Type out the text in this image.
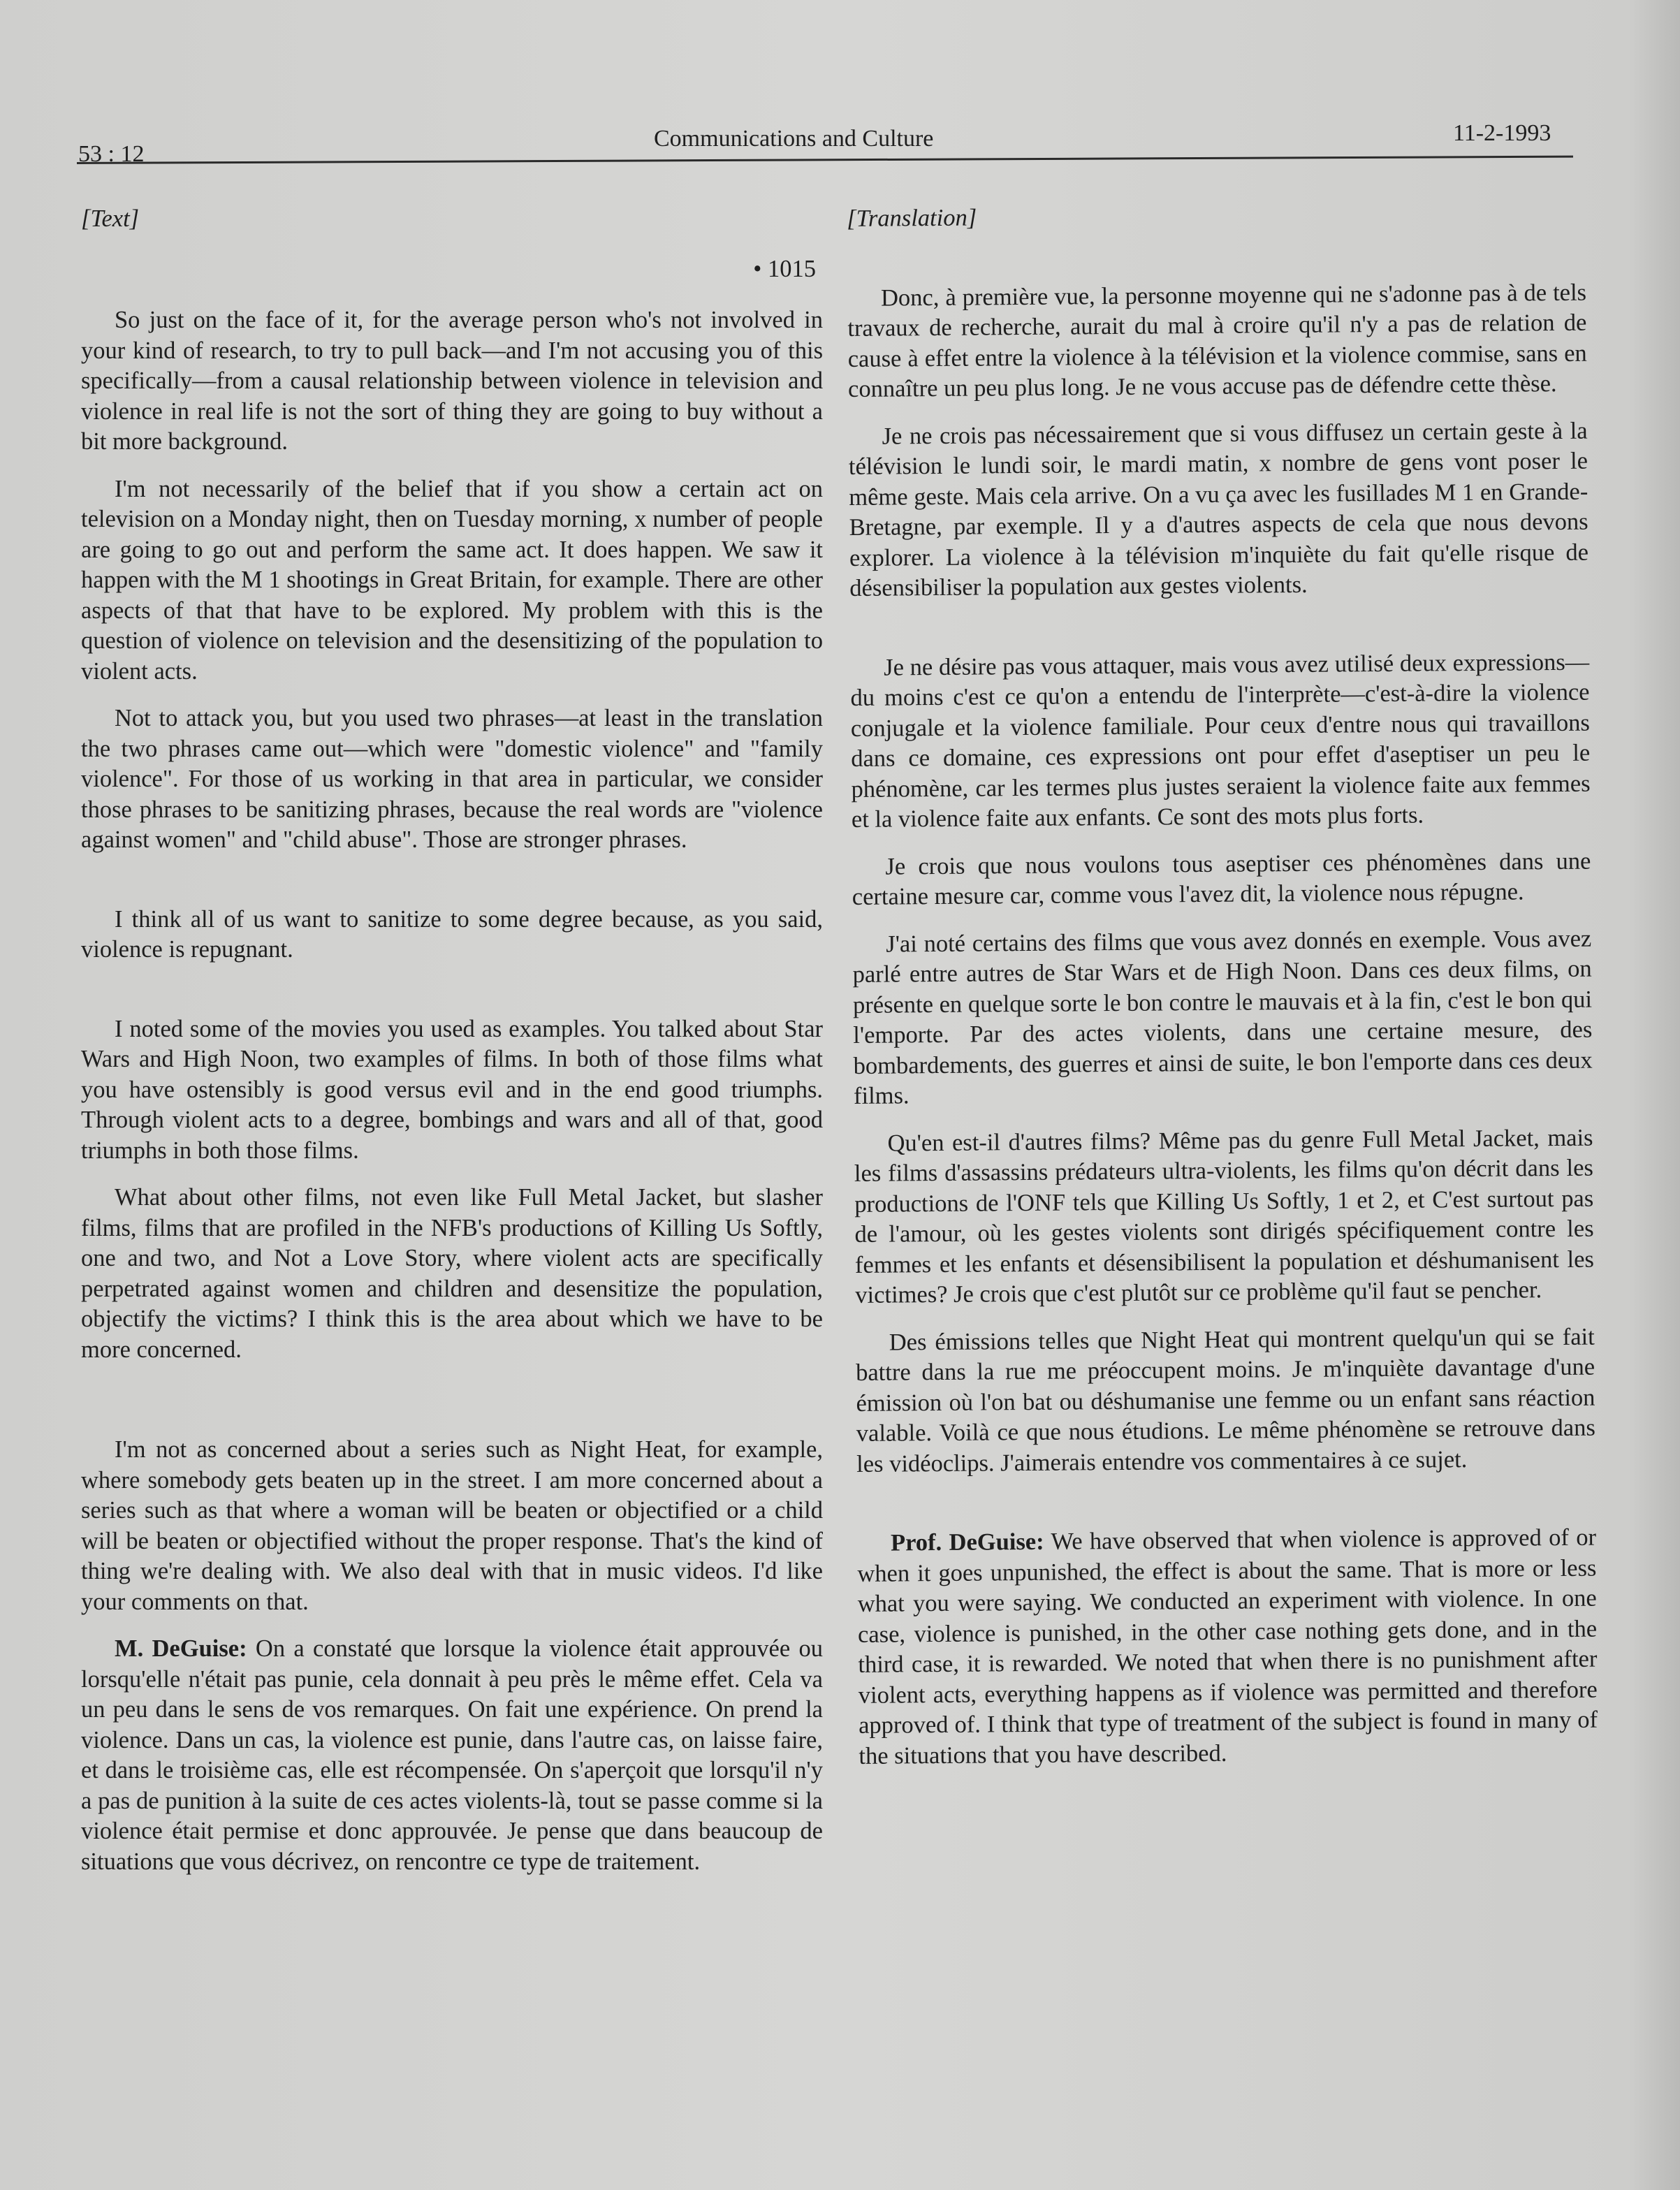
53 : 12
Communications and Culture	11-2-1993
[Text]
• 1015

So just on the face of it, for the average person who's not involved in your kind of research, to try to pull back—and I'm not accusing you of this specifically—from a causal relationship between violence in television and violence in real life is not the sort of thing they are going to buy without a bit more background.

I'm not necessarily of the belief that if you show a certain act on television on a Monday night, then on Tuesday morning, x number of people are going to go out and perform the same act. It does happen. We saw it happen with the M 1 shootings in Great Britain, for example. There are other aspects of that that have to be explored. My problem with this is the question of violence on television and the desensitizing of the population to violent acts.

Not to attack you, but you used two phrases—at least in the translation the two phrases came out—which were "domestic violence" and "family violence". For those of us working in that area in particular, we consider those phrases to be sanitizing phrases, because the real words are "violence against women" and "child abuse". Those are stronger phrases.

I think all of us want to sanitize to some degree because, as you said, violence is repugnant.

I noted some of the movies you used as examples. You talked about Star Wars and High Noon, two examples of films. In both of those films what you have ostensibly is good versus evil and in the end good triumphs. Through violent acts to a degree, bombings and wars and all of that, good triumphs in both those films.

What about other films, not even like Full Metal Jacket, but slasher films, films that are profiled in the NFB's productions of Killing Us Softly, one and two, and Not a Love Story, where violent acts are specifically perpetrated against women and children and desensitize the population, objectify the victims? I think this is the area about which we have to be more concerned.

I'm not as concerned about a series such as Night Heat, for example, where somebody gets beaten up in the street. I am more concerned about a series such as that where a woman will be beaten or objectified or a child will be beaten or objectified without the proper response. That's the kind of thing we're dealing with. We also deal with that in music videos. I'd like your comments on that.

M. DeGuise: On a constaté que lorsque la violence était approuvée ou lorsqu'elle n'était pas punie, cela donnait à peu près le même effet. Cela va un peu dans le sens de vos remarques. On fait une expérience. On prend la violence. Dans un cas, la violence est punie, dans l'autre cas, on laisse faire, et dans le troisième cas, elle est récompensée. On s'aperçoit que lorsqu'il n'y a pas de punition à la suite de ces actes violents-là, tout se passe comme si la violence était permise et donc approuvée. Je pense que dans beaucoup de situations que vous décrivez, on rencontre ce type de traitement.

[Translation]

Donc, à première vue, la personne moyenne qui ne s'adonne pas à de tels travaux de recherche, aurait du mal à croire qu'il n'y a pas de relation de cause à effet entre la violence à la télévision et la violence commise, sans en connaître un peu plus long. Je ne vous accuse pas de défendre cette thèse.

Je ne crois pas nécessairement que si vous diffusez un certain geste à la télévision le lundi soir, le mardi matin, x nombre de gens vont poser le même geste. Mais cela arrive. On a vu ça avec les fusillades M 1 en Grande-Bretagne, par exemple. Il y a d'autres aspects de cela que nous devons explorer. La violence à la télévision m'inquiète du fait qu'elle risque de désensibiliser la population aux gestes violents.

Je ne désire pas vous attaquer, mais vous avez utilisé deux expressions—du moins c'est ce qu'on a entendu de l'interprète—c'est-à-dire la violence conjugale et la violence familiale. Pour ceux d'entre nous qui travaillons dans ce domaine, ces expressions ont pour effet d'aseptiser un peu le phénomène, car les termes plus justes seraient la violence faite aux femmes et la violence faite aux enfants. Ce sont des mots plus forts.

Je crois que nous voulons tous aseptiser ces phénomènes dans une certaine mesure car, comme vous l'avez dit, la violence nous répugne.

J'ai noté certains des films que vous avez donnés en exemple. Vous avez parlé entre autres de Star Wars et de High Noon. Dans ces deux films, on présente en quelque sorte le bon contre le mauvais et à la fin, c'est le bon qui l'emporte. Par des actes violents, dans une certaine mesure, des bombardements, des guerres et ainsi de suite, le bon l'emporte dans ces deux films.

Qu'en est-il d'autres films? Même pas du genre Full Metal Jacket, mais les films d'assassins prédateurs ultra-violents, les films qu'on décrit dans les productions de l'ONF tels que Killing Us Softly, 1 et 2, et C'est surtout pas de l'amour, où les gestes violents sont dirigés spécifiquement contre les femmes et les enfants et désensibilisent la population et déshumanisent les victimes? Je crois que c'est plutôt sur ce problème qu'il faut se pencher.

Des émissions telles que Night Heat qui montrent quelqu'un qui se fait battre dans la rue me préoccupent moins. Je m'inquiète davantage d'une émission où l'on bat ou déshumanise une femme ou un enfant sans réaction valable. Voilà ce que nous étudions. Le même phénomène se retrouve dans les vidéoclips. J'aimerais entendre vos commentaires à ce sujet.

Prof. DeGuise: We have observed that when violence is approved of or when it goes unpunished, the effect is about the same. That is more or less what you were saying. We conducted an experiment with violence. In one case, violence is punished, in the other case nothing gets done, and in the third case, it is rewarded. We noted that when there is no punishment after violent acts, everything happens as if violence was permitted and therefore approved of. I think that type of treatment of the subject is found in many of the situations that you have described.
